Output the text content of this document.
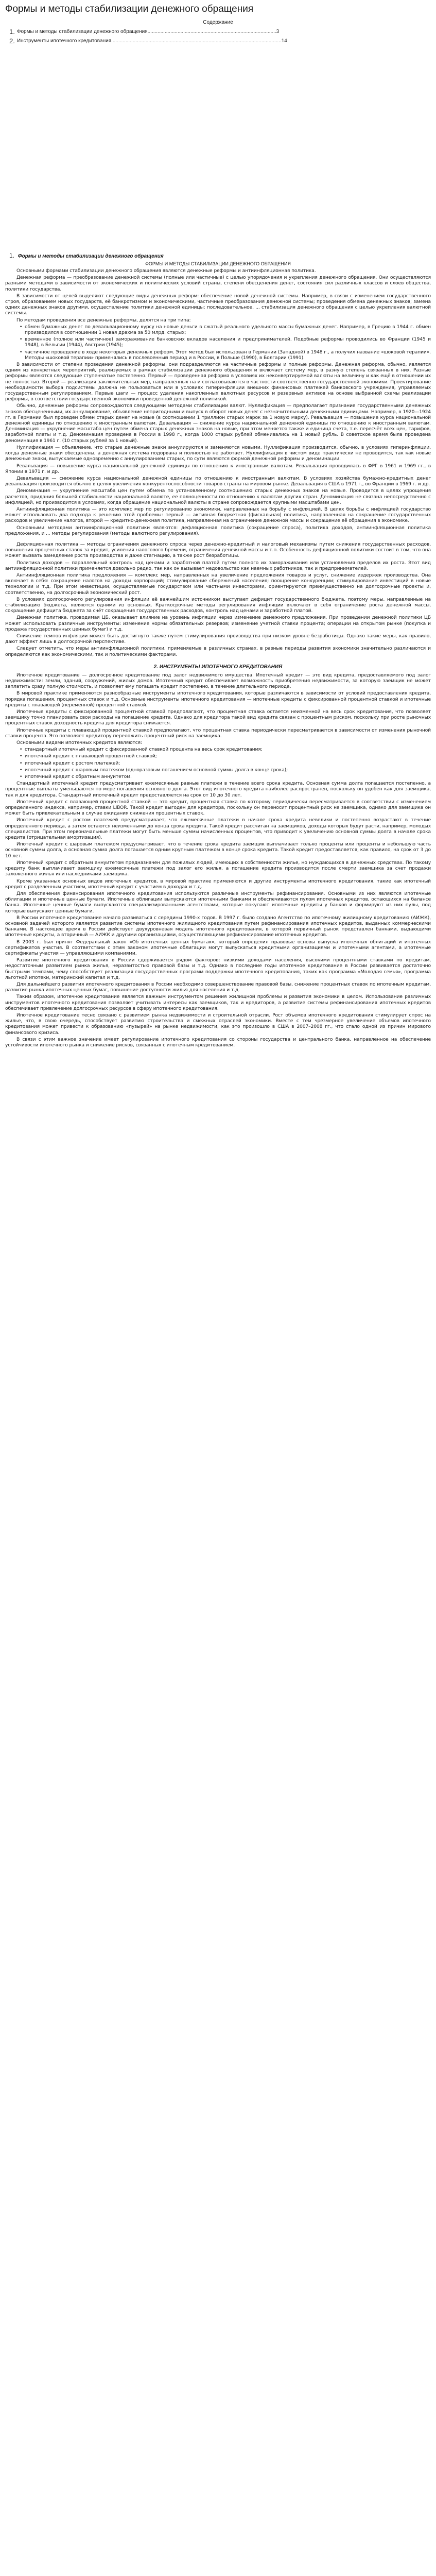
Формы и методы стабилизации денежного обращения
Содержание
1. Формы и методы стабилизации денежного обращения ..........................................................................................3
2. Инструменты ипотечного кредитования .......................................................................................................................14
1. Формы и методы стабилизации денежного обращения
ФОРМЫ И МЕТОДЫ СТАБИЛИЗАЦИИ ДЕНЕЖНОГО ОБРАЩЕНИЯ

Основными формами стабилизации денежного обращения являются денежные реформы и антиинфляционная политика.

Денежная реформа — преобразование денежной системы (полные или частичные) с целью упорядочения и укрепления денежного обращения. Они осуществляются разными методами в зависимости от экономических и политических условий страны, степени обесценения денег, состояния сил различных классов и слоев общества, политики государства.

В зависимости от целей выделяют следующие виды денежных реформ: обеспечение новой денежной системы. Например, в связи с изменением государственного строя, образованием новых государств, её банкротизмом и экономическими, частичные преобразования денежной системы; проведения обмена денежных знаков; замена одних денежных знаков другими, осуществление политики денежной единицы; последовательное, ... стабилизация денежного обращения с целью укрепления валютной системы.

По методам проведения все денежные реформы, делятся на три типа:

• обмен бумажных денег по девальвационному курсу на новые деньги в сжатый реального удельного массы бумажных денег. Например, в Грецию в 1944 г. обмен производился в соотношении 1 новая драхма за 50 млрд. старых;

• временное (полное или частичное) замораживание банковских вкладов населения и предпринимателей. Подобные реформы проводились во Франции (1945 и 1948), в Бельгии (1944), Австрии (1945);

• частичное проведение в ходе некоторых денежных реформ. Этот метод был использован в Германии (Западной) в 1948 г., а получил название «шоковой терапии». Методы «шоковой терапии» применялись в послевоенный период и в России, в Польше (1990), в Болгарии (1991).

В зависимости от степени проведения денежной реформы, они подразделяются на частичные реформы и полные реформы. Денежная реформа, обычно, является одним из конкретных мероприятий, реализуемых в рамках стабилизации денежного обращения и включает систему мер, в разную степень связанных в них. Разные реформы являются следующие ступенчатые постепенно. Первый — проведенная реформа в условиях их неконвертируемой валюты на величину и как ещё в отношении их не полностью. Второй — реализация заключительных мер, направленных на и согласовываются в частности соответственно государственной экономики. Проектирование необходимости выбора подсистемы должна не пользоваться или в условиях гиперинфляции внешних финансовых платежей банковского учреждения, управляемых государственным регулированием. Первые шаги — процесс удаления накопленных валютных ресурсов и резервных активов на основе выбранной схемы реализации реформы, в соответствии государственной экономики проведенной денежной политикой.

Обычно, денежные реформы сопровождаются следующими методами стабилизации валют. Нуллификация — предполагает признание государственными денежных знаков обесцененными, их аннулирование, объявление непригодными и выпуск в оборот новых денег с незначительными денежными единицами. Например, в 1920—1924 гг. в Германии был проведен обмен старых денег на новые (в соотношении 1 триллион старых марок за 1 новую марку). Ревальвация — повышение курса национальной денежной единицы по отношению к иностранным валютам. Девальвация — снижение курса национальной денежной единицы по отношению к иностранным валютам. Деноминация — укрупнение масштаба цен путем обмена старых денежных знаков на новые, при этом меняется также и единица счета, т.е. пересчёт всех цен, тарифов, заработной платы и т.д. Деноминация проведена в России в 1998 г., когда 1000 старых рублей обменивались на 1 новый рубль. В советское время была проведена деноминация в 1961 г. (10 старых рублей за 1 новый).

Нуллификация — объявление, что старые денежные знаки аннулируются и заменяются новыми. Нуллификация производится, обычно, в условиях гиперинфляции, когда денежные знаки обесценены, а денежная система подорвана и полностью не работает. Нуллификация в чистом виде практически не проводится, так как новые денежные знаки, выпускаемые одновременно с аннулированием старых, по сути являются формой денежной реформы и деноминации.

Ревальвация — повышение курса национальной денежной единицы по отношению к иностранным валютам. Ревальвация проводилась в ФРГ в 1961 и 1969 гг., в Японии в 1971 г. и др.

Девальвация — снижение курса национальной денежной единицы по отношению к иностранным валютам. В условиях хозяйства бумажно-кредитных денег девальвация производится обычно в целях увеличения конкурентоспособности товаров страны на мировом рынке. Девальвация в США в 1971 г., во Франции в 1969 г. и др.

Деноминация — укрупнение масштаба цен путем обмена по установленному соотношению старых денежных знаков на новые. Проводится в целях упрощения расчетов, придания большей стабильности национальной валюте, ее полноценности по отношению к валютам других стран. Деноминация не связана непосредственно с инфляцией, но производится в условиях, когда обращение национальной валюты в стране сопровождается крупными масштабами цен.

Антиинфляционная политика — это комплекс мер по регулированию экономики, направленных на борьбу с инфляцией. В целях борьбы с инфляцией государство может использовать два подхода к решению этой проблемы: первый — активная бюджетная (фискальная) политика, направленная на сокращение государственных расходов и увеличение налогов, второй — кредитно-денежная политика, направленная на ограничение денежной массы и сокращение её обращения в экономике.

Основными методами антиинфляционной политики являются: дефляционная политика (сокращение спроса), политика доходов, антиинфляционная политика предложения, и ... методы регулирования (методы валютного регулирования).

Дефляционная политика — методы ограничения денежного спроса через денежно-кредитный и налоговый механизмы путем снижения государственных расходов, повышения процентных ставок за кредит, усиления налогового бремени, ограничения денежной массы и т.п. Особенность дефляционной политики состоит в том, что она может вызвать замедление роста производства и даже стагнацию, а также рост безработицы.

Политика доходов — параллельный контроль над ценами и заработной платой путем полного их замораживания или установления пределов их роста. Этот вид антиинфляционной политики применяется довольно редко, так как он вызывает недовольство как наемных работников, так и предпринимателей.

Антиинфляционная политика предложения — комплекс мер, направленных на увеличение предложения товаров и услуг, снижение издержек производства. Она включает в себя: сокращение налогов на доходы корпораций; стимулирование сбережений населения; поощрение конкуренции; стимулирование инвестиций в новые технологии и т.д. При этом инвестиции, осуществляемые государством или частными инвесторами, ориентируются преимущественно на долгосрочные проекты и, соответственно, на долгосрочный экономический рост.

В условиях долгосрочного регулирования инфляции её важнейшим источником выступает дефицит государственного бюджета, поэтому меры, направленные на стабилизацию бюджета, являются одними из основных. Краткосрочные методы регулирования инфляции включают в себя ограничение роста денежной массы, сокращение дефицита бюджета за счёт сокращения государственных расходов, контроль над ценами и заработной платой.

Денежная политика, проводимая ЦБ, оказывает влияние на уровень инфляции через изменение денежного предложения. При проведении денежной политики ЦБ может использовать различные инструменты: изменение нормы обязательных резервов; изменение учетной ставки процента; операции на открытом рынке (покупка и продажа государственных ценных бумаг) и т.д.

Снижение темпов инфляции может быть достигнуто также путем стимулирования производства при низком уровне безработицы. Однако такие меры, как правило, дают эффект лишь в долгосрочной перспективе.

Следует отметить, что меры антиинфляционной политики, применяемые в различных странах, в разные периоды развития экономики значительно различаются и определяются как экономическими, так и политическими факторами.

2. ИНСТРУМЕНТЫ ИПОТЕЧНОГО КРЕДИТОВАНИЯ

Ипотечное кредитование — долгосрочное кредитование под залог недвижимого имущества. Ипотечный кредит — это вид кредита, предоставляемого под залог недвижимости: земли, зданий, сооружений, жилых домов. Ипотечный кредит обеспечивает возможность приобретения недвижимости, за которую заемщик не может заплатить сразу полную стоимость, и позволяет ему погашать кредит постепенно, в течение длительного периода.

В мировой практике применяются разнообразные инструменты ипотечного кредитования, которые различаются в зависимости от условий предоставления кредита, порядка погашения, процентных ставок и т.д. Основные инструменты ипотечного кредитования — ипотечные кредиты с фиксированной процентной ставкой и ипотечные кредиты с плавающей (переменной) процентной ставкой.

Ипотечные кредиты с фиксированной процентной ставкой предполагают, что процентная ставка остается неизменной на весь срок кредитования, что позволяет заемщику точно планировать свои расходы на погашение кредита. Однако для кредитора такой вид кредита связан с процентным риском, поскольку при росте рыночных процентных ставок доходность кредита для кредитора снижается.

Ипотечные кредиты с плавающей процентной ставкой предполагают, что процентная ставка периодически пересматривается в зависимости от изменения рыночной ставки процента. Это позволяет кредитору переложить процентный риск на заемщика.

Основными видами ипотечных кредитов являются:

• стандартный ипотечный кредит с фиксированной ставкой процента на весь срок кредитования;

• ипотечный кредит с плавающей процентной ставкой;

• ипотечный кредит с ростом платежей;

• ипотечный кредит с шаровым платежом (одноразовым погашением основной суммы долга в конце срока);

• ипотечный кредит с обратным аннуитетом.

Стандартный ипотечный кредит предусматривает ежемесячные равные платежи в течение всего срока кредита. Основная сумма долга погашается постепенно, а процентные выплаты уменьшаются по мере погашения основного долга. Этот вид ипотечного кредита наиболее распространен, поскольку он удобен как для заемщика, так и для кредитора. Стандартный ипотечный кредит предоставляется на срок от 10 до 30 лет.

Ипотечный кредит с плавающей процентной ставкой — это кредит, процентная ставка по которому периодически пересматривается в соответствии с изменением определенного индекса, например, ставки LIBOR. Такой кредит выгоден для кредитора, поскольку он переносит процентный риск на заемщика, однако для заемщика он может быть привлекательным в случае ожидания снижения процентных ставок.

Ипотечный кредит с ростом платежей предусматривает, что ежемесячные платежи в начале срока кредита невелики и постепенно возрастают в течение определенного периода, а затем остаются неизменными до конца срока кредита. Такой кредит рассчитан на заемщиков, доходы которых будут расти, например, молодых специалистов. При этом первоначальные платежи могут быть меньше суммы начисленных процентов, что приводит к увеличению основной суммы долга в начале срока кредита (отрицательная амортизация).

Ипотечный кредит с шаровым платежом предусматривает, что в течение срока кредита заемщик выплачивает только проценты или проценты и небольшую часть основной суммы долга, а основная сумма долга погашается одним крупным платежом в конце срока кредита. Такой кредит предоставляется, как правило, на срок от 3 до 10 лет.

Ипотечный кредит с обратным аннуитетом предназначен для пожилых людей, имеющих в собственности жилье, но нуждающихся в денежных средствах. По такому кредиту банк выплачивает заемщику ежемесячные платежи под залог его жилья, а погашение кредита производится после смерти заемщика за счет продажи заложенного жилья или наследниками заемщика.

Кроме указанных основных видов ипотечных кредитов, в мировой практике применяются и другие инструменты ипотечного кредитования, такие как ипотечный кредит с разделенным участием, ипотечный кредит с участием в доходах и т.д.

Для обеспечения финансирования ипотечного кредитования используются различные инструменты рефинансирования. Основными из них являются ипотечные облигации и ипотечные ценные бумаги. Ипотечные облигации выпускаются ипотечными банками и обеспечиваются пулом ипотечных кредитов, остающихся на балансе банка. Ипотечные ценные бумаги выпускаются специализированными агентствами, которые покупают ипотечные кредиты у банков и формируют из них пулы, под которые выпускают ценные бумаги.

В России ипотечное кредитование начало развиваться с середины 1990-х годов. В 1997 г. было создано Агентство по ипотечному жилищному кредитованию (АИЖК), основной задачей которого является развитие системы ипотечного жилищного кредитования путем рефинансирования ипотечных кредитов, выданных коммерческими банками. В настоящее время в России действует двухуровневая модель ипотечного кредитования, в которой первичный рынок представлен банками, выдающими ипотечные кредиты, а вторичный — АИЖК и другими организациями, осуществляющими рефинансирование ипотечных кредитов.

В 2003 г. был принят Федеральный закон «Об ипотечных ценных бумагах», который определил правовые основы выпуска ипотечных облигаций и ипотечных сертификатов участия. В соответствии с этим законом ипотечные облигации могут выпускаться кредитными организациями и ипотечными агентами, а ипотечные сертификаты участия — управляющими компаниями.

Развитие ипотечного кредитования в России сдерживается рядом факторов: низкими доходами населения, высокими процентными ставками по кредитам, недостаточным развитием рынка жилья, неразвитостью правовой базы и т.д. Однако в последние годы ипотечное кредитование в России развивается достаточно быстрыми темпами, чему способствует реализация государственных программ поддержки ипотечного кредитования, таких как программа «Молодая семья», программа льготной ипотеки, материнский капитал и т.д.

Для дальнейшего развития ипотечного кредитования в России необходимо совершенствование правовой базы, снижение процентных ставок по ипотечным кредитам, развитие рынка ипотечных ценных бумаг, повышение доступности жилья для населения и т.д.

Таким образом, ипотечное кредитование является важным инструментом решения жилищной проблемы и развития экономики в целом. Использование различных инструментов ипотечного кредитования позволяет учитывать интересы как заемщиков, так и кредиторов, а развитие системы рефинансирования ипотечных кредитов обеспечивает привлечение долгосрочных ресурсов в сферу ипотечного кредитования.

Ипотечное кредитование тесно связано с развитием рынка недвижимости и строительной отрасли. Рост объемов ипотечного кредитования стимулирует спрос на жилье, что, в свою очередь, способствует развитию строительства и смежных отраслей экономики. Вместе с тем чрезмерное увеличение объемов ипотечного кредитования может привести к образованию «пузырей» на рынке недвижимости, как это произошло в США в 2007–2008 гг., что стало одной из причин мирового финансового кризиса.

В связи с этим важное значение имеет регулирование ипотечного кредитования со стороны государства и центрального банка, направленное на обеспечение устойчивости ипотечного рынка и снижение рисков, связанных с ипотечным кредитованием.
